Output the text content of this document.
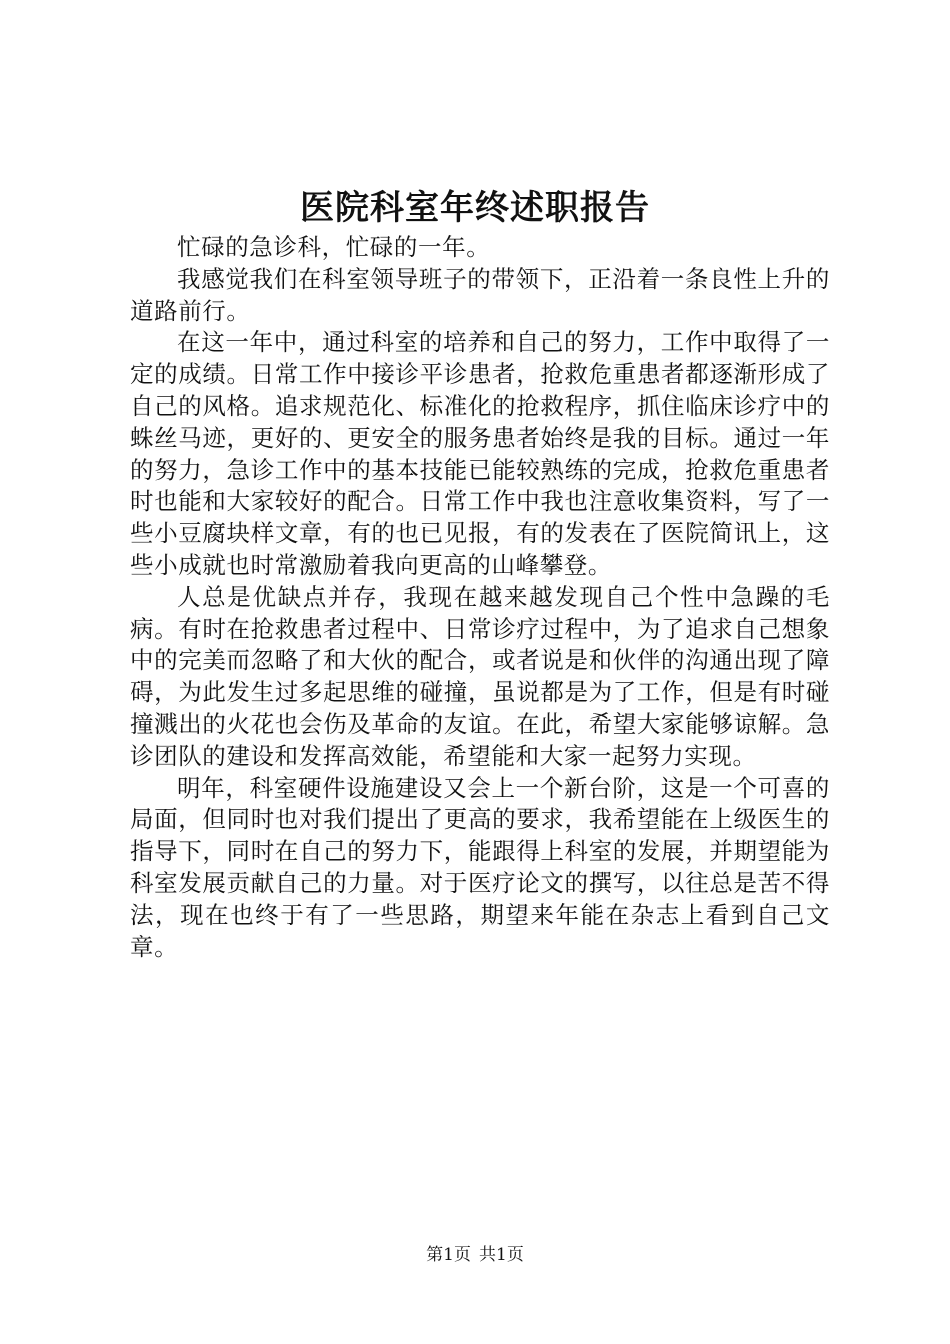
医院科室年终述职报告

忙碌的急诊科，忙碌的一年。

我感觉我们在科室领导班子的带领下，正沿着一条良性上升的道路前行。

在这一年中，通过科室的培养和自己的努力，工作中取得了一定的成绩。日常工作中接诊平诊患者，抢救危重患者都逐渐形成了自己的风格。追求规范化、标准化的抢救程序，抓住临床诊疗中的蛛丝马迹，更好的、更安全的服务患者始终是我的目标。通过一年的努力，急诊工作中的基本技能已能较熟练的完成，抢救危重患者时也能和大家较好的配合。日常工作中我也注意收集资料，写了一些小豆腐块样文章，有的也已见报，有的发表在了医院简讯上，这些小成就也时常激励着我向更高的山峰攀登。

人总是优缺点并存，我现在越来越发现自己个性中急躁的毛病。有时在抢救患者过程中、日常诊疗过程中，为了追求自己想象中的完美而忽略了和大伙的配合，或者说是和伙伴的沟通出现了障碍，为此发生过多起思维的碰撞，虽说都是为了工作，但是有时碰撞溅出的火花也会伤及革命的友谊。在此，希望大家能够谅解。急诊团队的建设和发挥高效能，希望能和大家一起努力实现。

明年，科室硬件设施建设又会上一个新台阶，这是一个可喜的局面，但同时也对我们提出了更高的要求，我希望能在上级医生的指导下，同时在自己的努力下，能跟得上科室的发展，并期望能为科室发展贡献自己的力量。对于医疗论文的撰写，以往总是苦不得法，现在也终于有了一些思路，期望来年能在杂志上看到自己文章。

第1页 共1页
